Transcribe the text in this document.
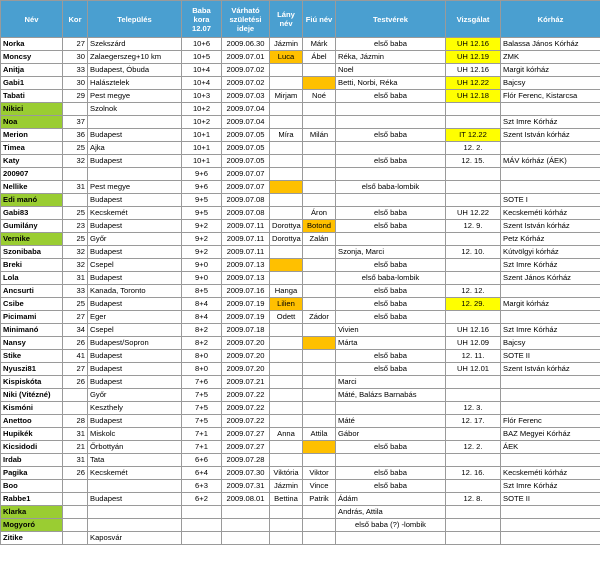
Név	Kor	Település	Baba kora 12.07	Várható születési ideje	Lány név	Fiú név	Testvérek	Vizsgálat	Kórház
Norka	27	Szekszárd	10+6	2009.06.30	Jázmin	Márk	első baba	UH 12.16	Balassa János Kórház
Moncsy	30	Zalaegerszeg+10 km	10+5	2009.07.01	Luca	Ábel	Réka, Jázmin	UH 12.19	ZMK
Anitja	33	Budapest, Óbuda	10+4	2009.07.02			Noel	UH 12.16	Margit kórház
Gabi1	30	Halásztelek	10+4	2009.07.02			Betti, Norbi, Réka	UH 12.22	Bajcsy
Tabati	29	Pest megye	10+3	2009.07.03	Mirjam	Noé	első baba	UH 12.18	Flór Ferenc, Kistarcsa
Nikici		Szolnok	10+2	2009.07.04					
Noa	37		10+2	2009.07.04					Szt Imre Kórház
Merion	36	Budapest	10+1	2009.07.05	Míra	Milán	első baba	IT 12.22	Szent István kórház
Timea	25	Ajka	10+1	2009.07.05				12. 2.	
Katy	32	Budapest	10+1	2009.07.05			első baba	12. 15.	MÁV kórház (ÁEK)
200907			9+6	2009.07.07					
Nellike	31	Pest megye	9+6	2009.07.07			első baba-lombik		
Edi manó		Budapest	9+5	2009.07.08					SOTE I
Gabi83	25	Kecskemét	9+5	2009.07.08		Áron	első baba	UH 12.22	Kecskeméti kórház
Gumilány	23	Budapest	9+2	2009.07.11	Dorottya	Botond	első baba	12. 9.	Szent István kórház
Vernike	25	Győr	9+2	2009.07.11	Dorottya	Zalán			Petz Kórház
Szonibaba	32	Budapest	9+2	2009.07.11			Szonja, Marci	12. 10.	Kútvölgyi kórház
Breki	32	Csepel	9+0	2009.07.13			első baba		Szt Imre Kórház
Lola	31	Budapest	9+0	2009.07.13			első baba-lombik		Szent János Kórház
Ancsurti	33	Kanada, Toronto	8+5	2009.07.16	Hanga		első baba	12. 12.	
Csibe	25	Budapest	8+4	2009.07.19	Lilien		első baba	12. 29.	Margit kórház
Picimami	27	Eger	8+4	2009.07.19	Odett	Zádor	első baba		
Minimanó	34	Csepel	8+2	2009.07.18			Vivien	UH 12.16	Szt Imre Kórház
Nansy	26	Budapest/Sopron	8+2	2009.07.20			Márta	UH 12.09	Bajcsy
Stike	41	Budapest	8+0	2009.07.20			első baba	12. 11.	SOTE II
Nyuszi81	27	Budapest	8+0	2009.07.20			első baba	UH 12.01	Szent István kórház
Kispiskóta	26	Budapest	7+6	2009.07.21			Marci		
Niki (Vitézné)		Győr	7+5	2009.07.22			Máté, Balázs Barnabás		
Kismóni		Keszthely	7+5	2009.07.22				12. 3.	
Anettoo	28	Budapest	7+5	2009.07.22			Máté	12. 17.	Flór Ferenc
Hupikék	31	Miskolc	7+1	2009.07.27	Anna	Attila	Gábor		BAZ Megyei Kórház
Kicsidodi	21	Őrbottyán	7+1	2009.07.27			első baba	12. 2.	ÁEK
Irdab	31	Tata	6+6	2009.07.28					
Pagika	26	Kecskemét	6+4	2009.07.30	Viktória	Viktor	első baba	12. 16.	Kecskeméti kórház
Boo			6+3	2009.07.31	Jázmin	Vince	első baba		Szt Imre Kórház
Rabbe1		Budapest	6+2	2009.08.01	Bettina	Patrik	Ádám	12. 8.	SOTE II
Klarka							András, Attila		
Mogyoró							első baba (?) -lombik		
Zitike		Kaposvár							
